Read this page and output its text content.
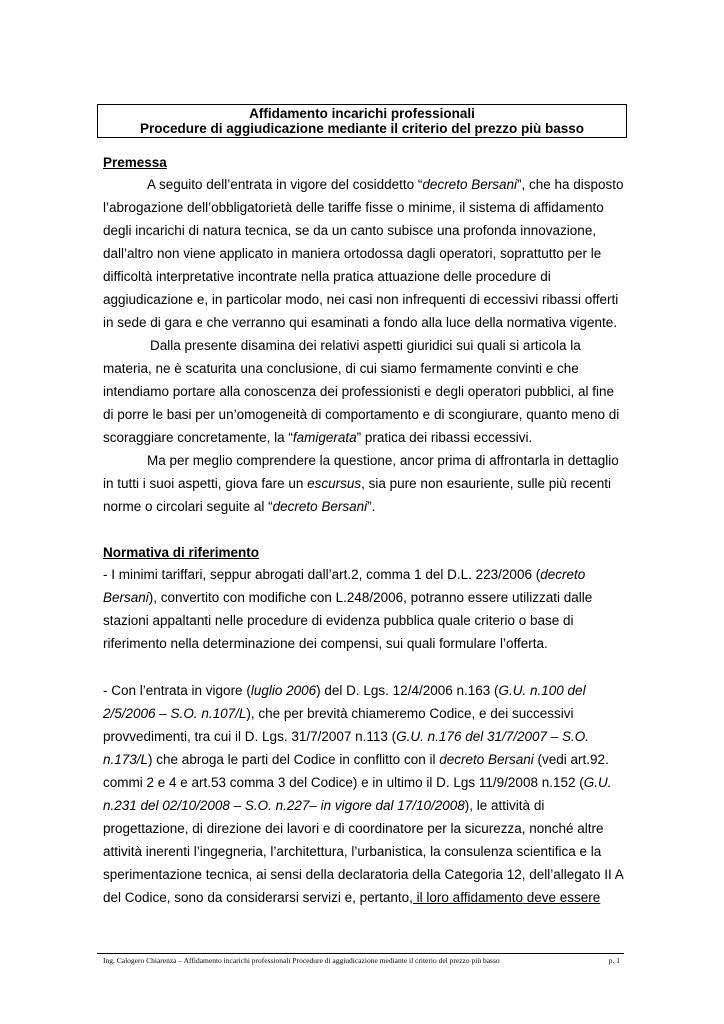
Affidamento incarichi professionali
Procedure di aggiudicazione mediante il criterio del prezzo più basso
Premessa
A seguito dell’entrata in vigore del cosiddetto “decreto Bersani”, che ha disposto
l’abrogazione dell’obbligatorietà delle tariffe fisse o minime, il sistema di affidamento
degli incarichi di natura tecnica, se da un canto subisce una profonda innovazione,
dall’altro non viene applicato in maniera ortodossa dagli operatori, soprattutto per le
difficoltà interpretative incontrate nella pratica attuazione delle procedure di
aggiudicazione e, in particolar modo, nei casi non infrequenti di eccessivi ribassi offerti
in sede di gara e che verranno qui esaminati a fondo alla luce della normativa vigente.
Dalla presente disamina dei relativi aspetti giuridici sui quali si articola la
materia, ne è scaturita una conclusione, di cui siamo fermamente convinti e che
intendiamo portare alla conoscenza dei professionisti e degli operatori pubblici, al fine
di porre le basi per un’omogeneità di comportamento e di scongiurare, quanto meno di
scoraggiare concretamente, la “famigerata” pratica dei ribassi eccessivi.
Ma per meglio comprendere la questione, ancor prima di affrontarla in dettaglio
in tutti i suoi aspetti, giova fare un escursus, sia pure non esauriente, sulle più recenti
norme o circolari seguite al “decreto Bersani”.
Normativa di riferimento
- I minimi tariffari, seppur abrogati dall’art.2, comma 1 del D.L. 223/2006 (decreto
Bersani), convertito con modifiche con L.248/2006, potranno essere utilizzati dalle
stazioni appaltanti nelle procedure di evidenza pubblica quale criterio o base di
riferimento nella determinazione dei compensi, sui quali formulare l’offerta.
- Con l’entrata in vigore (luglio 2006) del D. Lgs. 12/4/2006 n.163 (G.U. n.100 del
2/5/2006 – S.O. n.107/L), che per brevità chiameremo Codice, e dei successivi
provvedimenti, tra cui il D. Lgs. 31/7/2007 n.113 (G.U. n.176 del 31/7/2007 – S.O.
n.173/L) che abroga le parti del Codice in conflitto con il decreto Bersani (vedi art.92.
commi 2 e 4 e art.53 comma 3 del Codice) e in ultimo il D. Lgs 11/9/2008 n.152 (G.U.
n.231 del 02/10/2008 – S.O. n.227– in vigore dal 17/10/2008), le attività di
progettazione, di direzione dei lavori e di coordinatore per la sicurezza, nonché altre
attività inerenti l’ingegneria, l’architettura, l’urbanistica, la consulenza scientifica e la
sperimentazione tecnica, ai sensi della declaratoria della Categoria 12, dell’allegato II A
del Codice, sono da considerarsi servizi e, pertanto, il loro affidamento deve essere
Ing. Calogero Chiarenza – Affidamento incarichi professionali Procedure di aggiudicazione mediante il criterio del prezzo più basso	p. 1
